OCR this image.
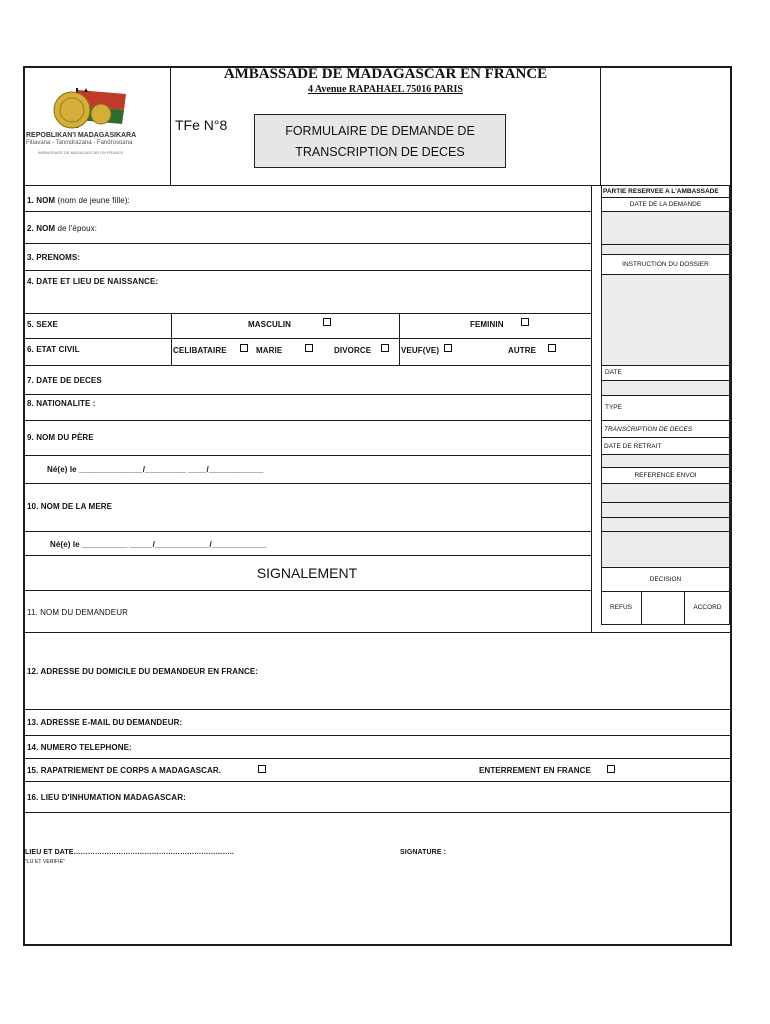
AMBASSADE DE MADAGASCAR EN FRANCE
4 Avenue RAPAHAEL 75016 PARIS
REPOBLIKAN'I MADAGASIKARA
Fitiavana - Tanindrazana - Fandrosoana
AMBASSADE DE MADAGASCAR EN FRANCE
TFe N°8	FORMULAIRE DE DEMANDE DE
TRANSCRIPTION DE DECES
1. NOM (nom de jeune fille):
2. NOM de l'époux:
3. PRENOMS:
4. DATE ET LIEU DE NAISSANCE:
5. SEXE	MASCULIN	FEMININ
6. ETAT CIVIL	CELIBATAIRE	MARIE	DIVORCE	VEUF(VE)	AUTRE
7. DATE DE DECES
8. NATIONALITE :
9. NOM DU PÈRE
Né(e) le ______________/_________ ____/____________
10. NOM DE LA MERE
Né(e) le __________ _____/____________/____________
SIGNALEMENT
11. NOM DU DEMANDEUR
12. ADRESSE DU DOMICILE DU DEMANDEUR EN FRANCE:
13. ADRESSE E-MAIL DU DEMANDEUR:
14. NUMERO TELEPHONE:
15. RAPATRIEMENT DE CORPS A MADAGASCAR.	ENTERREMENT EN FRANCE
16. LIEU D'INHUMATION MADAGASCAR:
LIEU ET DATE…………………………………………………………..
"LU ET VERIFIE"
SIGNATURE :
PARTIE RESERVEE A L'AMBASSADE
DATE DE LA DEMANDE
INSTRUCTION DU DOSSIER
DATE
TYPE
TRANSCRIPTION DE DECES
DATE DE RETRAIT
REFERENCE ENVOI
DECISION
REFUS	ACCORD
